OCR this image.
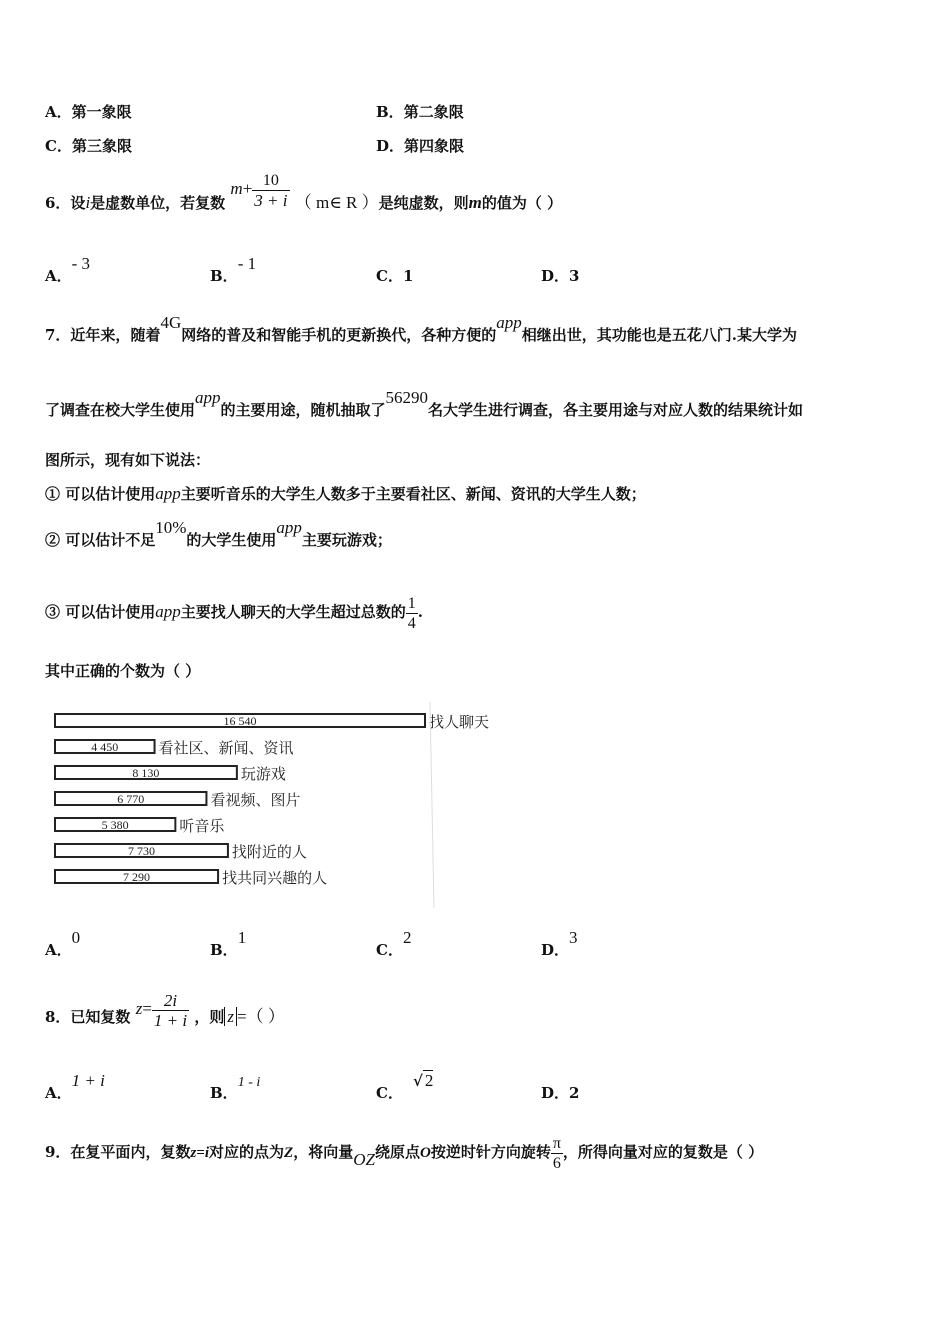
A．第一象限	B．第二象限
C．第三象限	D．第四象限
6．设i是虚数单位，若复数 $m+ \frac{10}{3 + i}$ （ m∈ R ）是纯虚数，则m的值为（ ）
A．- 3
B．- 1
C．1	D．3
7．近年来，随着4G网络的普及和智能手机的更新换代，各种方便的app相继出世，其功能也是五花八门.某大学为
了调查在校大学生使用app的主要用途，随机抽取了56290名大学生进行调查，各主要用途与对应人数的结果统计如
图所示，现有如下说法：
① 可以估计使用app主要听音乐的大学生人数多于主要看社区、新闻、资讯的大学生人数；
② 可以估计不足10%的大学生使用app主要玩游戏；
③ 可以估计使用app主要找人聊天的大学生超过总数的 $\frac{1}{4}$ .
其中正确的个数为（ ）
16 540	找人聊天
4 450	看社区、新闻、资讯
8 130	玩游戏
6 770	看视频、图片
5 380	听音乐
7 730	找附近的人
7 290	找共同兴趣的人
A．0
B．1
C．2
D．3
8．已知复数 $z= \frac{2i}{1 + i}$ ，则 z =（ ）
A．1 + i
B．1 - i
C．√ 2
D．2
9．在复平面内，复数z=i对应的点为Z，将向量OZ绕原点O按逆时针方向旋转 $\frac{\pi}{6}$ ，所得向量对应的复数是（ ）
